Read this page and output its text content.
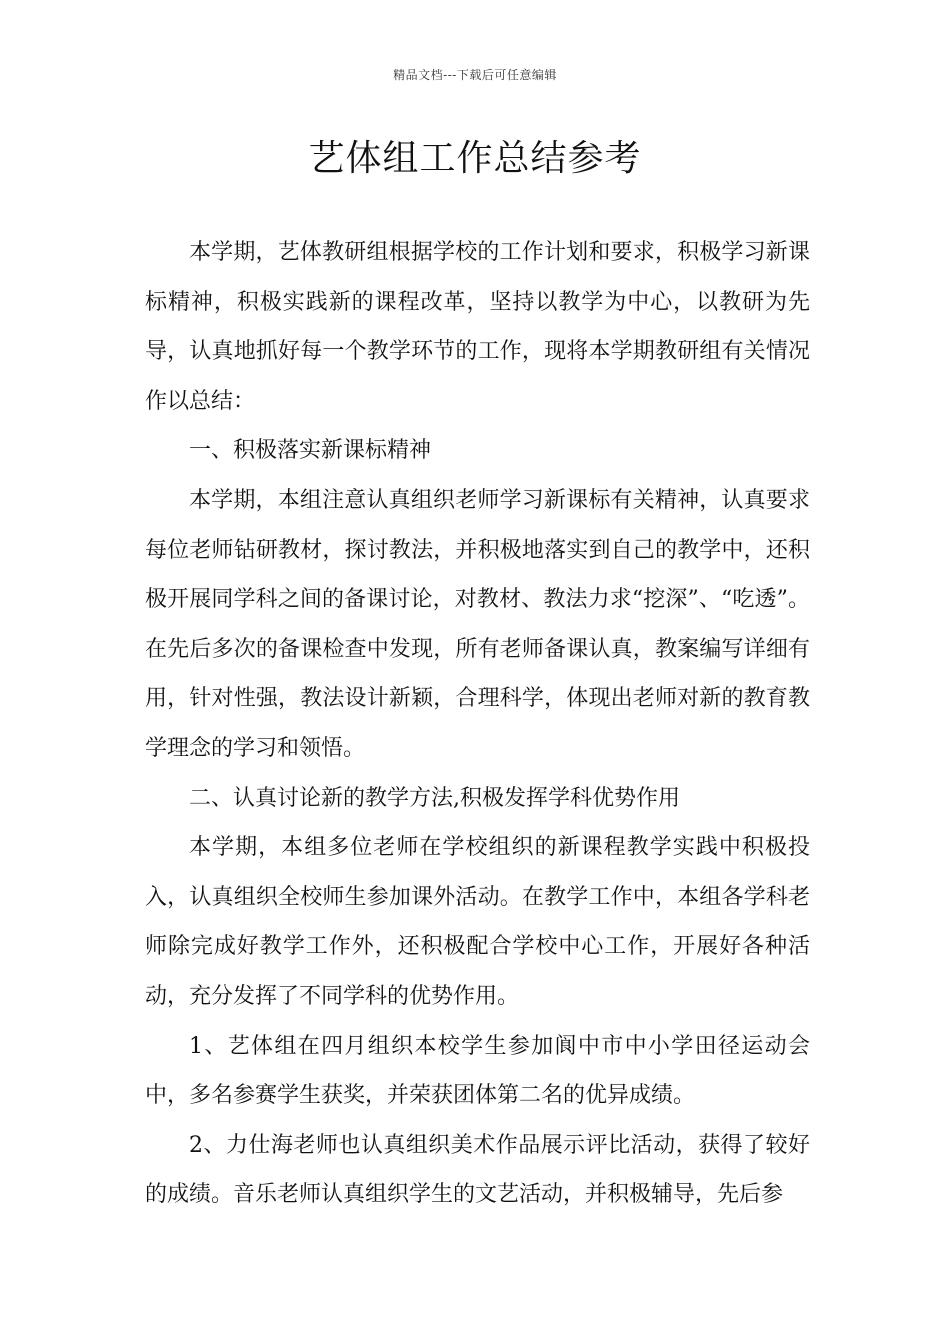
精品文档---下载后可任意编辑
艺体组工作总结参考

本学期，艺体教研组根据学校的工作计划和要求，积极学习新课标精神，积极实践新的课程改革，坚持以教学为中心，以教研为先导，认真地抓好每一个教学环节的工作，现将本学期教研组有关情况作以总结：

一、积极落实新课标精神

本学期，本组注意认真组织老师学习新课标有关精神，认真要求每位老师钻研教材，探讨教法，并积极地落实到自己的教学中，还积极开展同学科之间的备课讨论，对教材、教法力求“挖深”、“吃透”。在先后多次的备课检查中发现，所有老师备课认真，教案编写详细有用，针对性强，教法设计新颖，合理科学，体现出老师对新的教育教学理念的学习和领悟。

二、认真讨论新的教学方法,积极发挥学科优势作用

本学期，本组多位老师在学校组织的新课程教学实践中积极投入，认真组织全校师生参加课外活动。在教学工作中，本组各学科老师除完成好教学工作外，还积极配合学校中心工作，开展好各种活动，充分发挥了不同学科的优势作用。

1、艺体组在四月组织本校学生参加阆中市中小学田径运动会中，多名参赛学生获奖，并荣获团体第二名的优异成绩。

2、力仕海老师也认真组织美术作品展示评比活动，获得了较好的成绩。音乐老师认真组织学生的文艺活动，并积极辅导，先后参
